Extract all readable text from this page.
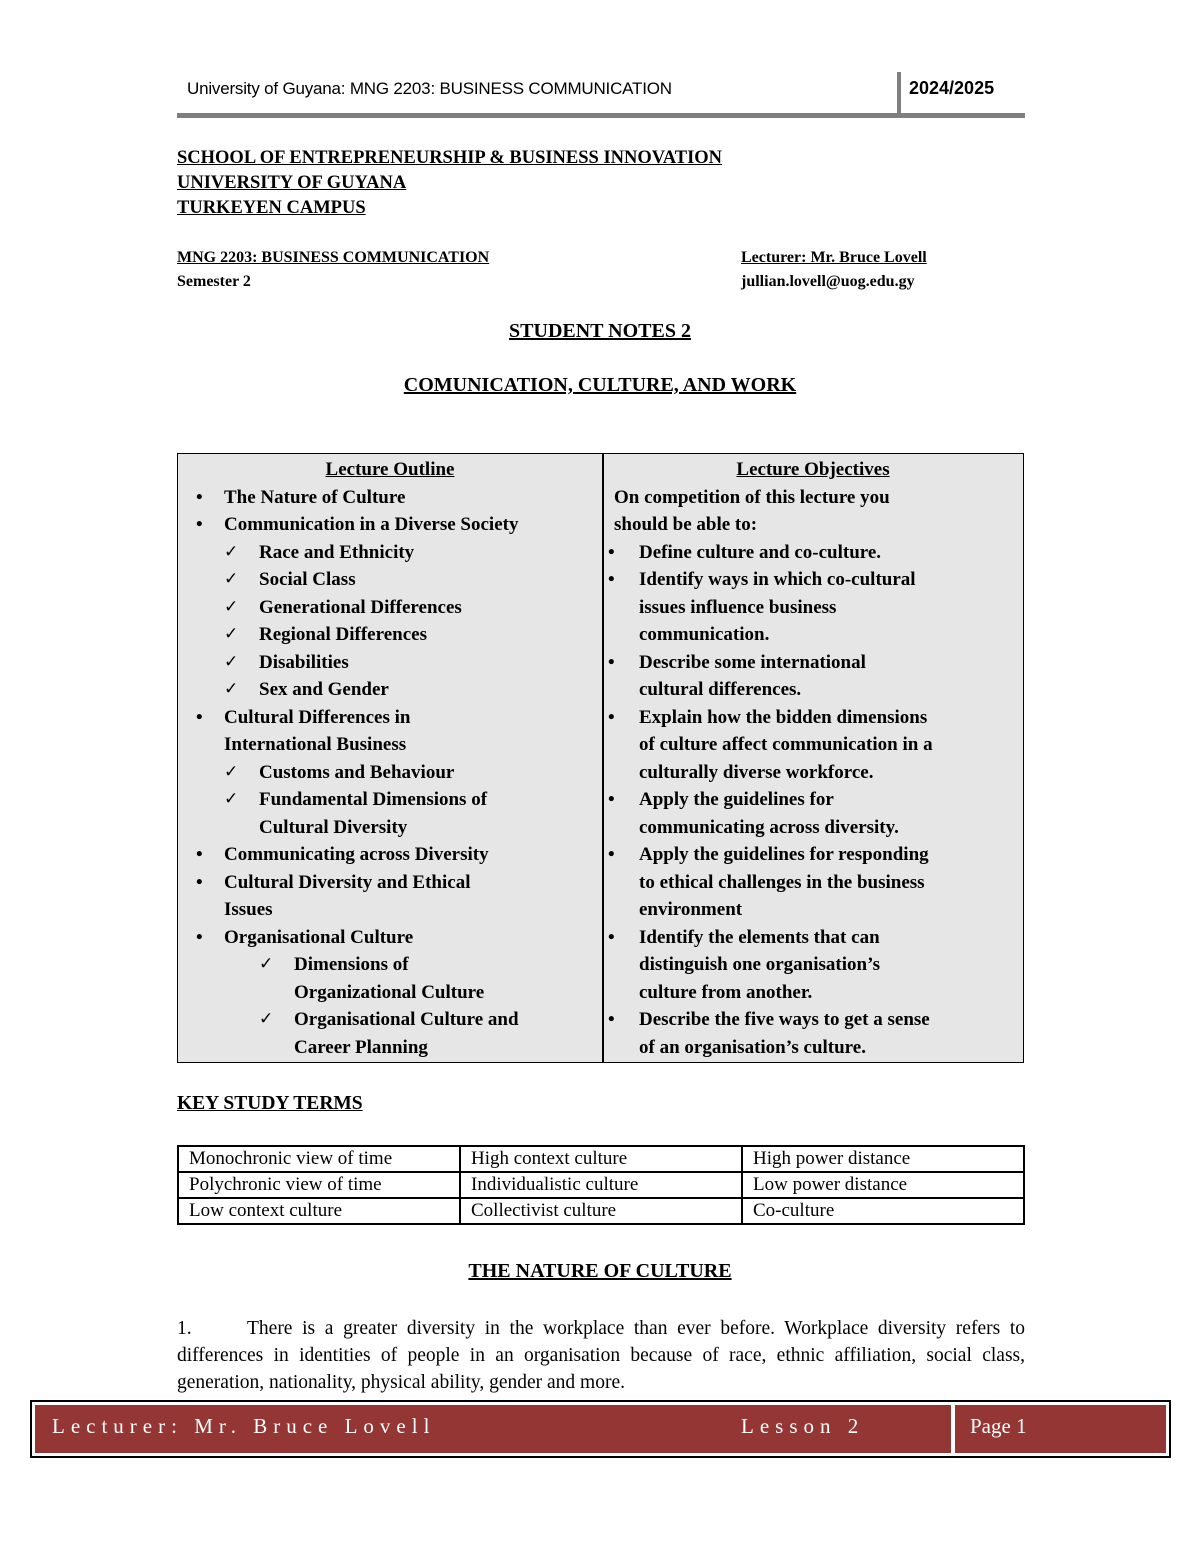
University of Guyana: MNG 2203: BUSINESS COMMUNICATION	2024/2025
SCHOOL OF ENTREPRENEURSHIP & BUSINESS INNOVATION
UNIVERSITY OF GUYANA
TURKEYEN CAMPUS
MNG 2203: BUSINESS COMMUNICATION
Semester 2
Lecturer: Mr. Bruce Lovell
jullian.lovell@uog.edu.gy
STUDENT NOTES 2
COMUNICATION, CULTURE, AND WORK
Lecture Outline
• The Nature of Culture
• Communication in a Diverse Society
✓ Race and Ethnicity
✓ Social Class
✓ Generational Differences
✓ Regional Differences
✓ Disabilities
✓ Sex and Gender
• Cultural Differences in
International Business
✓ Customs and Behaviour
✓ Fundamental Dimensions of
Cultural Diversity
• Communicating across Diversity
• Cultural Diversity and Ethical
Issues
• Organisational Culture
✓ Dimensions of
Organizational Culture
✓ Organisational Culture and
Career Planning
Lecture Objectives
On competition of this lecture you
should be able to:
• Define culture and co-culture.
• Identify ways in which co-cultural
issues influence business
communication.
• Describe some international
cultural differences.
• Explain how the bidden dimensions
of culture affect communication in a
culturally diverse workforce.
• Apply the guidelines for
communicating across diversity.
• Apply the guidelines for responding
to ethical challenges in the business
environment
• Identify the elements that can
distinguish one organisation’s
culture from another.
• Describe the five ways to get a sense
of an organisation’s culture.
KEY STUDY TERMS
Monochronic view of time	High context culture	High power distance
Polychronic view of time	Individualistic culture	Low power distance
Low context culture	Collectivist culture	Co-culture
THE NATURE OF CULTURE
1.	There is a greater diversity in the workplace than ever before. Workplace diversity refers to differences in identities of people in an organisation because of race, ethnic affiliation, social class, generation, nationality, physical ability, gender and more.
Lecturer: Mr. Bruce Lovell	Lesson 2	Page 1
